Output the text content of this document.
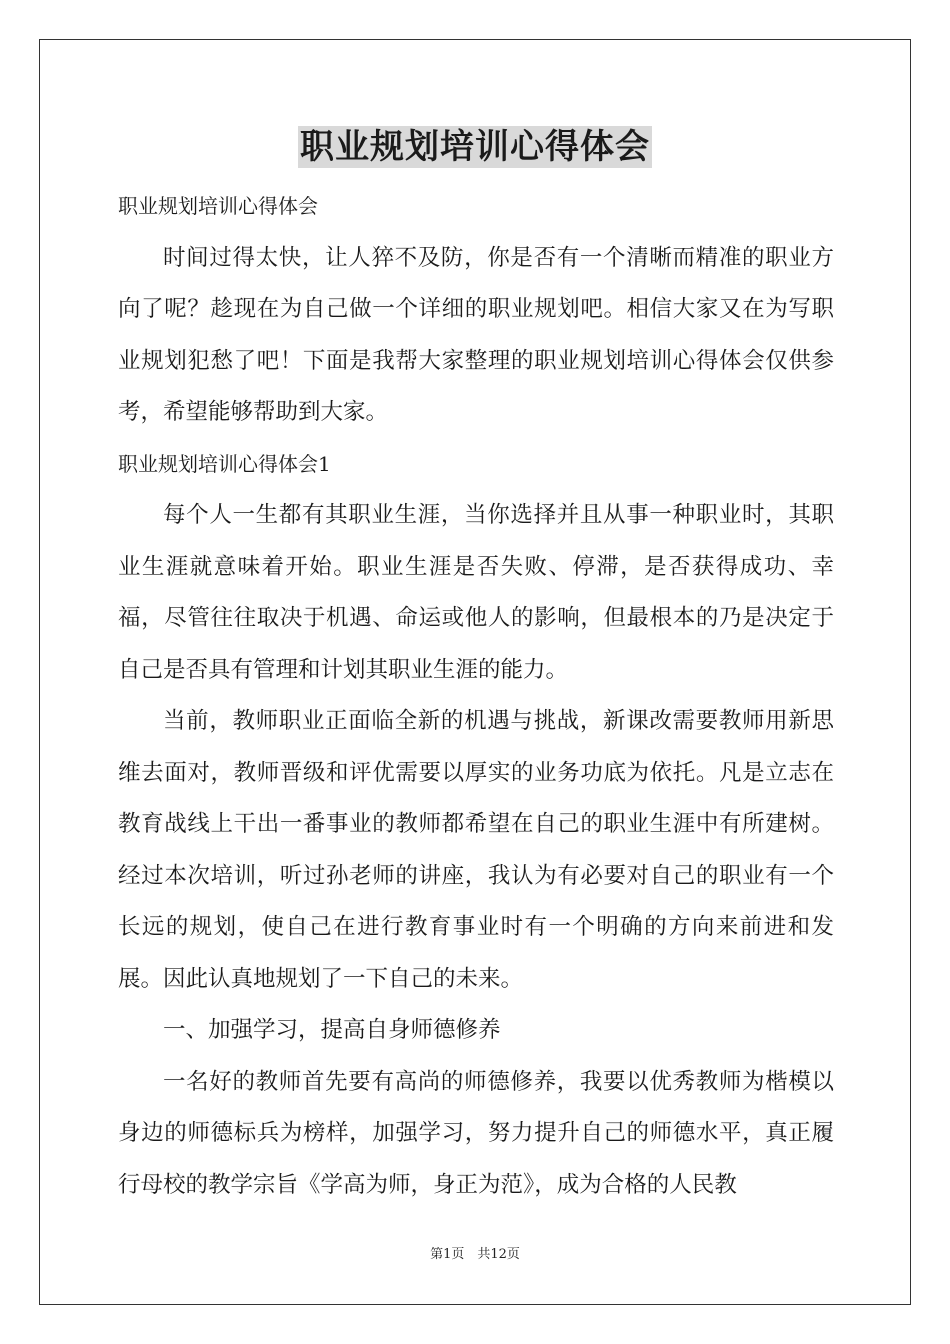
职业规划培训心得体会

职业规划培训心得体会

时间过得太快，让人猝不及防，你是否有一个清晰而精准的职业方向了呢？趁现在为自己做一个详细的职业规划吧。相信大家又在为写职业规划犯愁了吧！下面是我帮大家整理的职业规划培训心得体会仅供参考，希望能够帮助到大家。

职业规划培训心得体会1

每个人一生都有其职业生涯，当你选择并且从事一种职业时，其职业生涯就意味着开始。职业生涯是否失败、停滞，是否获得成功、幸福，尽管往往取决于机遇、命运或他人的影响，但最根本的乃是决定于自己是否具有管理和计划其职业生涯的能力。

当前，教师职业正面临全新的机遇与挑战，新课改需要教师用新思维去面对，教师晋级和评优需要以厚实的业务功底为依托。凡是立志在教育战线上干出一番事业的教师都希望在自己的职业生涯中有所建树。经过本次培训，听过孙老师的讲座，我认为有必要对自己的职业有一个长远的规划，使自己在进行教育事业时有一个明确的方向来前进和发展。因此认真地规划了一下自己的未来。

一、加强学习，提高自身师德修养

一名好的教师首先要有高尚的师德修养，我要以优秀教师为楷模以身边的师德标兵为榜样，加强学习，努力提升自己的师德水平，真正履行母校的教学宗旨《学高为师，身正为范》，成为合格的人民教

第1页　共12页
